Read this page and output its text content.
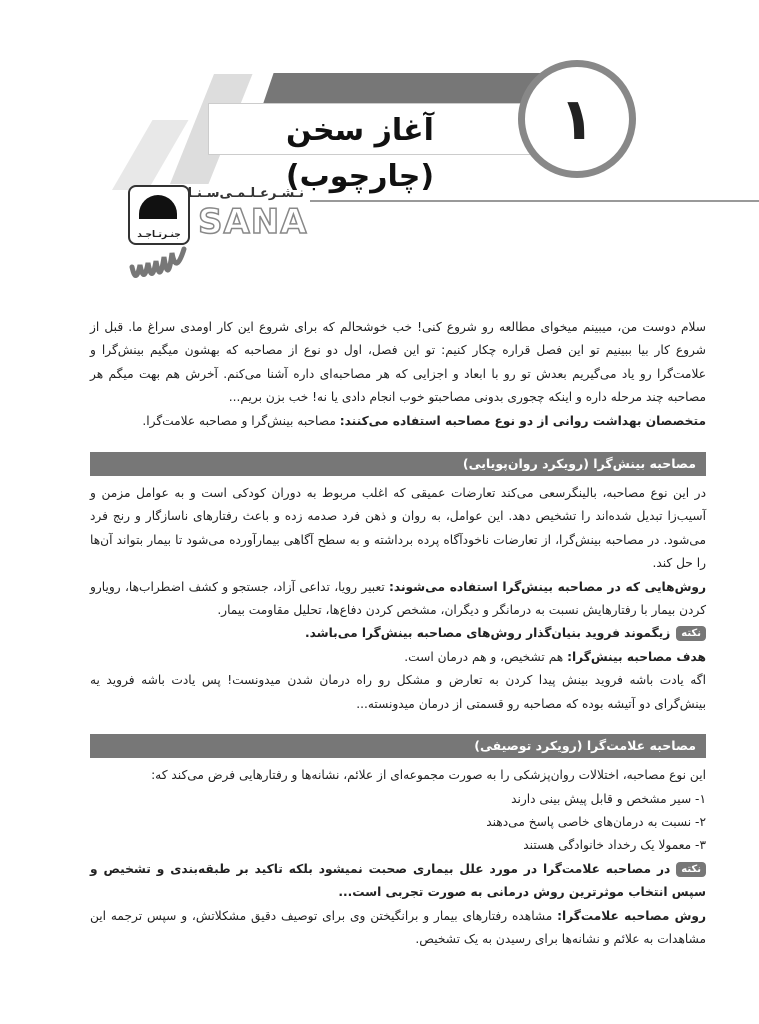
آغاز سخن (چارچوب)
۱
جنـرتـاجـد
نـشـرعـلـمـی‌سـنـا
SANA

سلام دوست من، میبینم میخوای مطالعه رو شروع کنی! خب خوشحالم که برای شروع این کار اومدی سراغ ما. قبل از شروع کار بیا ببینیم تو این فصل قراره چکار کنیم: تو این فصل، اول دو نوع از مصاحبه که بهشون میگیم بینش‌گرا و علامت‌گرا رو یاد می‌گیریم بعدش تو رو با ابعاد و اجزایی که هر مصاحبه‌ای داره آشنا می‌کنم. آخرش هم بهت میگم هر مصاحبه چند مرحله داره و اینکه چجوری بدونی مصاحبتو خوب انجام دادی یا نه! خب بزن بریم...

متخصصان بهداشت روانی از دو نوع مصاحبه استفاده می‌کنند: مصاحبه بینش‌گرا و مصاحبه علامت‌گرا.

مصاحبه بینش‌گرا (رویکرد روان‌پویایی)

در این نوع مصاحبه، بالینگرسعی می‌کند تعارضات عمیقی که اغلب مربوط به دوران کودکی است و به عوامل مزمن و آسیب‌زا تبدیل شده‌اند را تشخیص دهد. این عوامل، به روان و ذهن فرد صدمه زده و باعث رفتارهای ناسازگار و رنج فرد می‌شود. در مصاحبه بینش‌گرا، از تعارضات ناخودآگاه پرده برداشته و به سطح آگاهی بیمارآورده می‌شود تا بیمار بتواند آن‌ها را حل کند.

روش‌هایی که در مصاحبه بینش‌گرا استفاده می‌شوند: تعبیر رویا، تداعی آزاد، جستجو و کشف اضطراب‌ها، رویارو کردن بیمار با رفتارهایش نسبت به درمانگر و دیگران، مشخص کردن دفاع‌ها، تحلیل مقاومت بیمار.

نکتهزیگموند فروید بنیان‌گذار روش‌های مصاحبه بینش‌گرا می‌باشد.

هدف مصاحبه بینش‌گرا: هم تشخیص، و هم درمان است.

اگه یادت باشه فروید بینش پیدا کردن به تعارض و مشکل رو راه درمان شدن میدونست! پس یادت باشه فروید یه بینش‌گرای دو آتیشه بوده که مصاحبه رو قسمتی از درمان میدونسته...

مصاحبه علامت‌گرا (رویکرد توصیفی)

این نوع مصاحبه، اختلالات روان‌پزشکی را به صورت مجموعه‌ای از علائم، نشانه‌ها و رفتارهایی فرض می‌کند که:

۱- سیر مشخص و قابل پیش بینی دارند

۲- نسبت به درمان‌های خاصی پاسخ می‌دهند

۳- معمولا یک رخداد خانوادگی هستند

نکتهدر مصاحبه علامت‌گرا در مورد علل بیماری صحبت نمیشود بلکه تاکید بر طبقه‌بندی و تشخیص و سپس انتخاب موثرترین روش درمانی به صورت تجربی است...

روش مصاحبه علامت‌گرا: مشاهده رفتارهای بیمار و برانگیختن وی برای توصیف دقیق مشکلاتش، و سپس ترجمه این مشاهدات به علائم و نشانه‌ها برای رسیدن به یک تشخیص.
